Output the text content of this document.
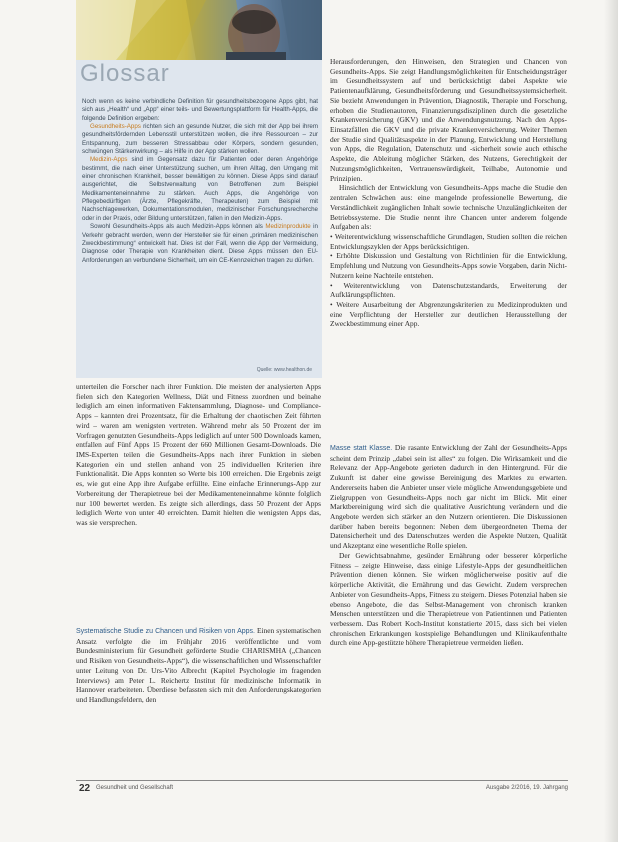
Glossar

Noch wenn es keine verbindliche Definition für gesundheitsbezogene Apps gibt, hat sich aus „Health“ und „App“ einer teils- und Bewertungsplattform für Health-Apps, die folgende Definition ergeben:

Gesundheits-Apps richten sich an gesunde Nutzer, die sich mit der App bei ihrem gesundheitsfördernden Lebensstil unterstützen wollen, die ihre Ressourcen – zur Entspannung, zum besseren Stressabbau oder Körpers, sondern gesunden, schwüngen Stärkenwirkung – als Hilfe in der App stärken wollen.

Medizin-Apps sind im Gegensatz dazu für Patienten oder deren Angehörige bestimmt, die nach einer Unterstützung suchen, um ihren Alltag, den Umgang mit einer chronischen Krankheit, besser bewältigen zu können. Diese Apps sind darauf ausgerichtet, die Selbstverwaltung von Betroffenen zum Beispiel Medikamenteneinnahme zu stärken. Auch Apps, die Angehörige von Pflegebedürftigen (Ärzte, Pflegekräfte, Therapeuten) zum Beispiel mit Nachschlagewerken, Dokumentationsmodulen, medizinischer Forschungsrecherche oder in der Praxis, oder Bildung unterstützen, fallen in den Medizin-Apps.

Sowohl Gesundheits-Apps als auch Medizin-Apps können als Medizinprodukte in Verkehr gebracht werden, wenn der Hersteller sie für einen „primären medizinischen Zweckbestimmung“ entwickelt hat. Dies ist der Fall, wenn die App der Vermeidung, Diagnose oder Therapie von Krankheiten dient. Diese Apps müssen den EU-Anforderungen an verbundene Sicherheit, um ein CE-Kennzeichen tragen zu dürfen.

Quelle: www.healthon.de

unterteilen die Forscher nach ihrer Funktion. Die meisten der analysierten Apps fielen sich den Kategorien Wellness, Diät und Fitness zuordnen und beinahe lediglich am einen informativen Faktensammlung, Diagnose- und Compliance-Apps – kannten drei Prozentsatz, für die Erhaltung der chaotischen Zeit führten wird – waren am wenigsten vertreten. Während mehr als 50 Prozent der im Vorfragen genutzten Gesundheits-Apps lediglich auf unter 500 Downloads kamen, entfallen auf Fünf Apps 15 Prozent der 660 Millionen Gesamt-Downloads. Die IMS-Experten teilen die Gesundheits-Apps nach ihrer Funktion in sieben Kategorien ein und stellen anhand von 25 individuellen Kriterien ihre Funktionalität. Die Apps konnten so Werte bis 100 erreichen. Die Ergebnis zeigt es, wie gut eine App ihre Aufgabe erfüllte. Eine einfache Erinnerungs-App zur Vorbereitung der Therapietreue bei der Medikamenteneinnahme könnte folglich nur 100 bewertet werden. Es zeigte sich allerdings, dass 50 Prozent der Apps lediglich Werte von unter 40 erreichten. Damit hielten die wenigsten Apps das, was sie versprechen.

Systematische Studie zu Chancen und Risiken von Apps. Einen systematischen Ansatz verfolgte die im Frühjahr 2016 veröffentlichte und vom Bundesministerium für Gesundheit geförderte Studie CHARISMHA („Chancen und Risiken von Gesundheits-Apps“), die wissenschaftlichen und Wissenschaftler unter Leitung von Dr. Urs-Vito Albrecht (Kapitel Psychologie im fragenden Interviews) am Peter L. Reichertz Institut für medizinische Informatik in Hannover erarbeiteten. Überdiese befassten sich mit den Anforderungskategorien und Handlungsfeldern, den

Herausforderungen, den Hinweisen, den Strategien und Chancen von Gesundheits-Apps. Sie zeigt Handlungsmöglichkeiten für Entscheidungsträger im Gesundheitssystem auf und berücksichtigt dabei Aspekte wie Patientenaufklärung, Gesundheitsförderung und Gesundheitssystemsicherheit. Sie bezieht Anwendungen in Prävention, Diagnostik, Therapie und Forschung, erhoben die Studienautoren, Finanzierungsdisziplinen durch die gesetzliche Krankenversicherung (GKV) und die Anwendungsnutzung. Nach den Apps-Einsatzfällen die GKV und die private Krankenversicherung. Weiter Themen der Studie sind Qualitätsaspekte in der Planung, Entwicklung und Herstellung von Apps, die Regulation, Datenschutz und -sicherheit sowie auch ethische Aspekte, die Ableitung möglicher Stärken, des Nutzens, Gerechtigkeit der Nutzungsmöglichkeiten, Vertrauenswürdigkeit, Teilhabe, Autonomie und Prinzipien.

Hinsichtlich der Entwicklung von Gesundheits-Apps mache die Studie den zentralen Schwächen aus: eine mangelnde professionelle Bewertung, die Verständlichkeit zugänglichen Inhalt sowie technische Unzulänglichkeiten der Betriebssysteme. Die Studie nennt ihre Chancen unter anderem folgende Aufgaben als:

• Weiterentwicklung wissenschaftliche Grundlagen, Studien sollten die reichen Entwicklungszyklen der Apps berücksichtigen.

• Erhöhte Diskussion und Gestaltung von Richtlinien für die Entwicklung, Empfehlung und Nutzung von Gesundheits-Apps sowie Vorgaben, darin Nicht-Nutzern keine Nachteile entstehen.

• Weiterentwicklung von Datenschutzstandards, Erweiterung der Aufklärungspflichten.

• Weitere Ausarbeitung der Abgrenzungskriterien zu Medizinprodukten und eine Verpflichtung der Hersteller zur deutlichen Herausstellung der Zweckbestimmung einer App.

Masse statt Klasse. Die rasante Entwicklung der Zahl der Gesundheits-Apps scheint dem Prinzip „dabei sein ist alles“ zu folgen. Die Wirksamkeit und die Relevanz der App-Angebote gerieten dadurch in den Hintergrund. Für die Zukunft ist daher eine gewisse Bereinigung des Marktes zu erwarten. Andererseits haben die Anbieter unser viele mögliche Anwendungsgebiete und Zielgruppen von Gesundheits-Apps noch gar nicht im Blick. Mit einer Marktbereinigung wird sich die qualitative Ausrichtung verändern und die Angebote werden sich stärker an den Nutzern orientieren. Die Diskussionen darüber haben bereits begonnen: Neben dem übergeordneten Thema der Datensicherheit und des Datenschutzes werden die Aspekte Nutzen, Qualität und Akzeptanz eine wesentliche Rolle spielen.

Der Gewichtsabnahme, gesünder Ernährung oder besserer körperliche Fitness – zeigte Hinweise, dass einige Lifestyle-Apps der gesundheitlichen Prävention dienen können. Sie wirken möglicherweise positiv auf die körperliche Aktivität, die Ernährung und das Gewicht. Zudem versprechen Anbieter von Gesundheits-Apps, Fitness zu steigern. Dieses Potenzial haben sie ebenso Angebote, die das Selbst-Management von chronisch kranken Menschen unterstützen und die Therapietreue von Patientinnen und Patienten verbessern. Das Robert Koch-Institut konstatierte 2015, dass sich bei vielen chronischen Erkrankungen kostspielige Behandlungen und Klinikaufenthalte durch eine App-gestützte höhere Therapietreue vermeiden ließen.

22 Gesundheit und Gesellschaft	Ausgabe 2/2016, 19. Jahrgang
